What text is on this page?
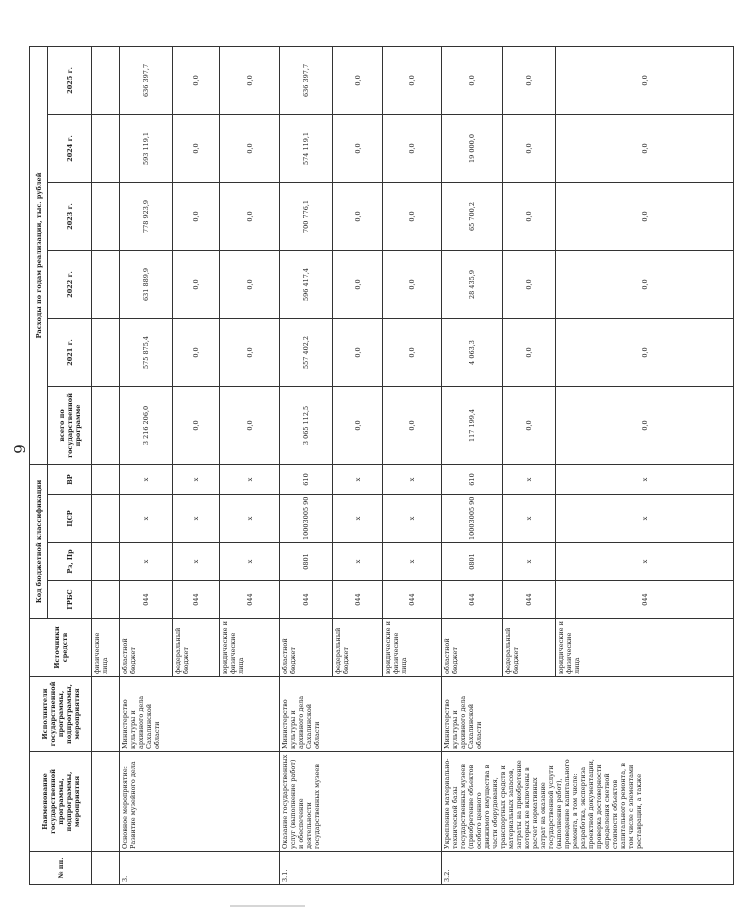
6
№ пп.	Наименование государственной программы, подпрограммы, мероприятия	Исполнители государственной программы, подпрограммы, мероприятия	Источники средств	Код бюджетной классификации				Расходы по годам реализации, тыс. рублей					
				ГРБС	Рз, Пр	ЦСР	ВР	всего по государственной программе	2021 г.	2022 г.	2023 г.	2024 г.	2025 г.
			физические лица										
3.	Основное мероприятие: Развитие музейного дела	Министерство культуры и архивного дела Сахалинской области	областной бюджет	044	х	х	х	3 216 206,0	575 875,4	631 889,9	778 923,9	593 119,1	636 397,7
			федеральный бюджет	044	х	х	х	0,0	0,0	0,0	0,0	0,0	0,0
			юридические и физические лица	044	х	х	х	0,0	0,0	0,0	0,0	0,0	0,0
3.1.	Оказание государственных услуг (выполнение работ) и обеспечение деятельности государственных музеев	Министерство культуры и архивного дела Сахалинской области	областной бюджет	044	0801	10003005 90	610	3 065 112,5	557 402,2	596 417,4	700 776,1	574 119,1	636 397,7
			федеральный бюджет	044	х	х	х	0,0	0,0	0,0	0,0	0,0	0,0
			юридические и физические лица	044	х	х	х	0,0	0,0	0,0	0,0	0,0	0,0
3.2.	Укрепление материально-технической базы государственных музеев (приобретение объектов особого ценного движимого имущества в части оборудования, транспортных средств и материальных запасов, затраты на приобретение которых не включены в расчет нормативных затрат на оказание государственной услуги (выполнение работ), проведение капитального ремонта, в том числе: разработка, экспертиза проектной документации, проверка достоверности определения сметной стоимости объектов капитального ремонта, в том числе с элементами реставрации, а также	Министерство культуры и архивного дела Сахалинской области	областной бюджет	044	0801	10003005 90	610	117 199,4	4 063,3	28 435,9	65 700,2	19 000,0	0,0
			федеральный бюджет	044	х	х	х	0,0	0,0	0,0	0,0	0,0	0,0
			юридические и физические лица	044	х	х	х	0,0	0,0	0,0	0,0	0,0	0,0
